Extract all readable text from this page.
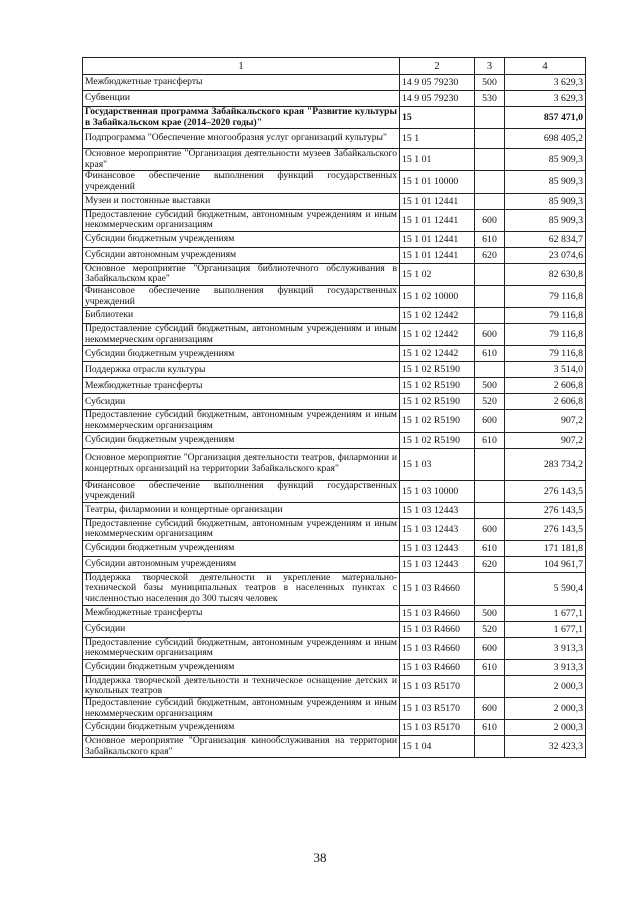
1	2	3	4
Межбюджетные трансферты	14 9 05 79230	500	3 629,3
Субвенции	14 9 05 79230	530	3 629,3
Государственная программа Забайкальского края "Развитие культуры в Забайкальском крае (2014–2020 годы)"	15		857 471,0
Подпрограмма "Обеспечение многообразия услуг организаций культуры"	15 1		698 405,2
Основное мероприятие "Организация деятельности музеев Забайкальского края"	15 1 01		85 909,3
Финансовое обеспечение выполнения функций государственных учреждений	15 1 01 10000		85 909,3
Музеи и постоянные выставки	15 1 01 12441		85 909,3
Предоставление субсидий бюджетным, автономным учреждениям и иным некоммерческим организациям	15 1 01 12441	600	85 909,3
Субсидии бюджетным учреждениям	15 1 01 12441	610	62 834,7
Субсидии автономным учреждениям	15 1 01 12441	620	23 074,6
Основное мероприятие "Организация библиотечного обслуживания в Забайкальском крае"	15 1 02		82 630,8
Финансовое обеспечение выполнения функций государственных учреждений	15 1 02 10000		79 116,8
Библиотеки	15 1 02 12442		79 116,8
Предоставление субсидий бюджетным, автономным учреждениям и иным некоммерческим организациям	15 1 02 12442	600	79 116,8
Субсидии бюджетным учреждениям	15 1 02 12442	610	79 116,8
Поддержка отрасли культуры	15 1 02 R5190		3 514,0
Межбюджетные трансферты	15 1 02 R5190	500	2 606,8
Субсидии	15 1 02 R5190	520	2 606,8
Предоставление субсидий бюджетным, автономным учреждениям и иным некоммерческим организациям	15 1 02 R5190	600	907,2
Субсидии бюджетным учреждениям	15 1 02 R5190	610	907,2
Основное мероприятие "Организация деятельности театров, филармонии и концертных организаций на территории Забайкальского края"	15 1 03		283 734,2
Финансовое обеспечение выполнения функций государственных учреждений	15 1 03 10000		276 143,5
Театры, филармонии и концертные организации	15 1 03 12443		276 143,5
Предоставление субсидий бюджетным, автономным учреждениям и иным некоммерческим организациям	15 1 03 12443	600	276 143,5
Субсидии бюджетным учреждениям	15 1 03 12443	610	171 181,8
Субсидии автономным учреждениям	15 1 03 12443	620	104 961,7
Поддержка творческой деятельности и укрепление материально-технической базы муниципальных театров в населенных пунктах с численностью населения до 300 тысяч человек	15 1 03 R4660		5 590,4
Межбюджетные трансферты	15 1 03 R4660	500	1 677,1
Субсидии	15 1 03 R4660	520	1 677,1
Предоставление субсидий бюджетным, автономным учреждениям и иным некоммерческим организациям	15 1 03 R4660	600	3 913,3
Субсидии бюджетным учреждениям	15 1 03 R4660	610	3 913,3
Поддержка творческой деятельности и техническое оснащение детских и кукольных театров	15 1 03 R5170		2 000,3
Предоставление субсидий бюджетным, автономным учреждениям и иным некоммерческим организациям	15 1 03 R5170	600	2 000,3
Субсидии бюджетным учреждениям	15 1 03 R5170	610	2 000,3
Основное мероприятие "Организация кинообслуживания на территории Забайкальского края"	15 1 04		32 423,3
38
